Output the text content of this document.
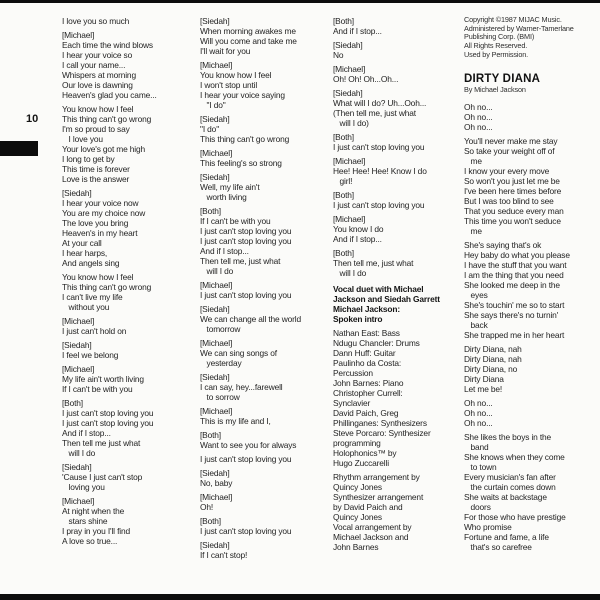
10
I love you so much
[Michael]
Each time the wind blows
I hear your voice so
I call your name...
Whispers at morning
Our love is dawning
Heaven's glad you came...
You know how I feel
This thing can't go wrong
I'm so proud to say
I love you
Your love's got me high
I long to get by
This time is forever
Love is the answer
[Siedah]
I hear your voice now
You are my choice now
The love you bring
Heaven's in my heart
At your call
I hear harps,
And angels sing
You know how I feel
This thing can't go wrong
I can't live my life
without you
[Michael]
I just can't hold on
[Siedah]
I feel we belong
[Michael]
My life ain't worth living
If I can't be with you
[Both]
I just can't stop loving you
I just can't stop loving you
And if I stop...
Then tell me just what
will I do
[Siedah]
'Cause I just can't stop
loving you
[Michael]
At night when the
stars shine
I pray in you I'll find
A love so true...
[Siedah]
When morning awakes me
Will you come and take me
I'll wait for you
[Michael]
You know how I feel
I won't stop until
I hear your voice saying
"I do"
[Siedah]
"I do"
This thing can't go wrong
[Michael]
This feeling's so strong
[Siedah]
Well, my life ain't
worth living
[Both]
If I can't be with you
I just can't stop loving you
I just can't stop loving you
And if I stop...
Then tell me, just what
will I do
[Michael]
I just can't stop loving you
[Siedah]
We can change all the world
tomorrow
[Michael]
We can sing songs of
yesterday
[Siedah]
I can say, hey...farewell
to sorrow
[Michael]
This is my life and I,
[Both]
Want to see you for always
I just can't stop loving you
[Siedah]
No, baby
[Michael]
Oh!
[Both]
I just can't stop loving you
[Siedah]
If I can't stop!
[Both]
And if I stop...
[Siedah]
No
[Michael]
Oh! Oh! Oh...Oh...
[Siedah]
What will I do? Uh...Ooh...
(Then tell me, just what
will I do)
[Both]
I just can't stop loving you
[Michael]
Hee! Hee! Hee! Know I do
girl!
[Both]
I just can't stop loving you
[Michael]
You know I do
And if I stop...
[Both]
Then tell me, just what
will I do
Vocal duet with Michael
Jackson and Siedah Garrett
Michael Jackson:
Spoken intro
Nathan East: Bass
Ndugu Chancler: Drums
Dann Huff: Guitar
Paulinho da Costa:
Percussion
John Barnes: Piano
Christopher Currell:
Synclavier
David Paich, Greg
Phillinganes: Synthesizers
Steve Porcaro: Synthesizer
programming
Holophonics™ by
Hugo Zuccarelli
Rhythm arrangement by
Quincy Jones
Synthesizer arrangement
by David Paich and
Quincy Jones
Vocal arrangement by
Michael Jackson and
John Barnes
Copyright ©1987 MIJAC Music.
Administered by Warner-Tamerlane
Publishing Corp. (BMI)
All Rights Reserved.
Used by Permission.
DIRTY DIANA
By Michael Jackson
Oh no...
Oh no...
Oh no...
You'll never make me stay
So take your weight off of
me
I know your every move
So won't you just let me be
I've been here times before
But I was too blind to see
That you seduce every man
This time you won't seduce
me
She's saying that's ok
Hey baby do what you please
I have the stuff that you want
I am the thing that you need
She looked me deep in the
eyes
She's touchin' me so to start
She says there's no turnin'
back
She trapped me in her heart
Dirty Diana, nah
Dirty Diana, nah
Dirty Diana, no
Dirty Diana
Let me be!
Oh no...
Oh no...
Oh no...
She likes the boys in the
band
She knows when they come
to town
Every musician's fan after
the curtain comes down
She waits at backstage
doors
For those who have prestige
Who promise
Fortune and fame, a life
that's so carefree
